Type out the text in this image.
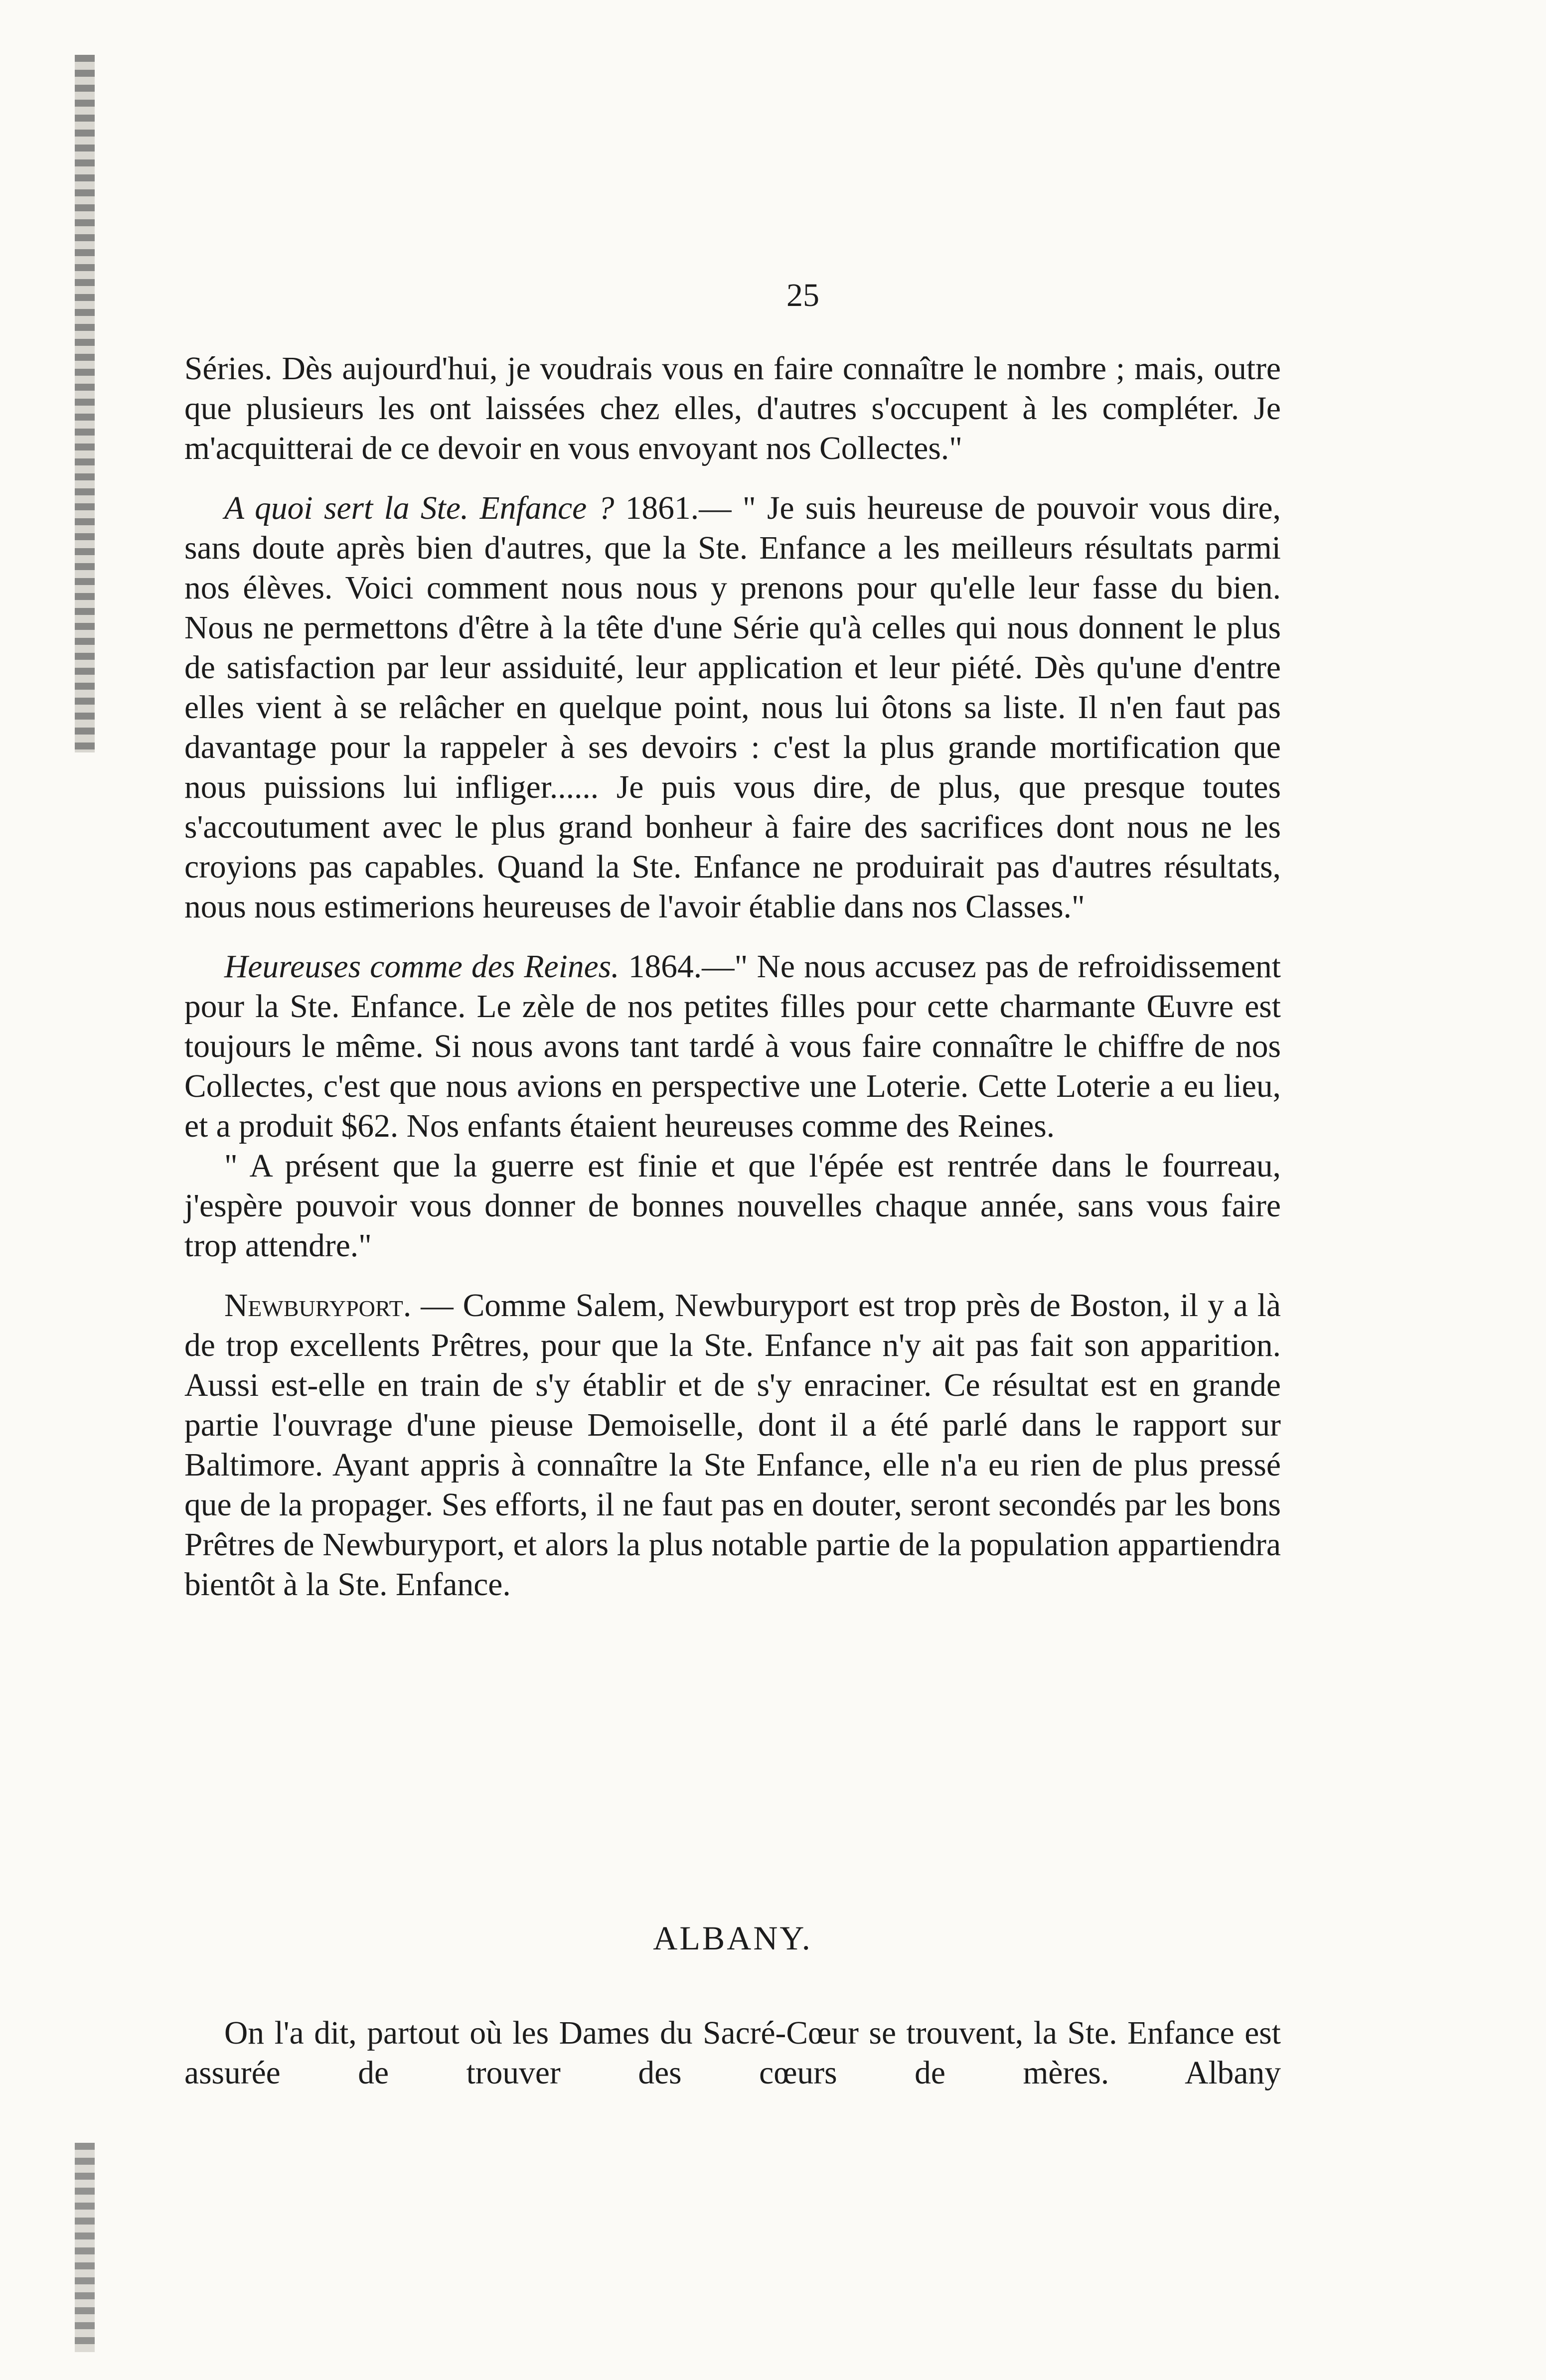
25

Séries. Dès aujourd'hui, je voudrais vous en faire connaître le nombre ; mais, outre que plusieurs les ont laissées chez elles, d'autres s'occupent à les compléter. Je m'acquitterai de ce devoir en vous envoyant nos Collectes."

A quoi sert la Ste. Enfance ? 1861.— " Je suis heureuse de pouvoir vous dire, sans doute après bien d'autres, que la Ste. Enfance a les meilleurs résultats parmi nos élèves. Voici comment nous nous y prenons pour qu'elle leur fasse du bien. Nous ne permettons d'être à la tête d'une Série qu'à celles qui nous donnent le plus de satisfaction par leur assiduité, leur application et leur piété. Dès qu'une d'entre elles vient à se relâcher en quelque point, nous lui ôtons sa liste. Il n'en faut pas davantage pour la rappeler à ses devoirs : c'est la plus grande mortification que nous puissions lui infliger...... Je puis vous dire, de plus, que presque toutes s'accoutument avec le plus grand bonheur à faire des sacrifices dont nous ne les croyions pas capables. Quand la Ste. Enfance ne produirait pas d'autres résultats, nous nous estimerions heureuses de l'avoir établie dans nos Classes."

Heureuses comme des Reines. 1864.—" Ne nous accusez pas de refroidissement pour la Ste. Enfance. Le zèle de nos petites filles pour cette charmante Œuvre est toujours le même. Si nous avons tant tardé à vous faire connaître le chiffre de nos Collectes, c'est que nous avions en perspective une Loterie. Cette Loterie a eu lieu, et a produit $62. Nos enfants étaient heureuses comme des Reines.

" A présent que la guerre est finie et que l'épée est rentrée dans le fourreau, j'espère pouvoir vous donner de bonnes nouvelles chaque année, sans vous faire trop attendre."

Newburyport. — Comme Salem, Newburyport est trop près de Boston, il y a là de trop excellents Prêtres, pour que la Ste. Enfance n'y ait pas fait son apparition. Aussi est-elle en train de s'y établir et de s'y enraciner. Ce résultat est en grande partie l'ouvrage d'une pieuse Demoiselle, dont il a été parlé dans le rapport sur Baltimore. Ayant appris à connaître la Ste Enfance, elle n'a eu rien de plus pressé que de la propager. Ses efforts, il ne faut pas en douter, seront secondés par les bons Prêtres de Newburyport, et alors la plus notable partie de la population appartiendra bientôt à la Ste. Enfance.

ALBANY.

On l'a dit, partout où les Dames du Sacré-Cœur se trouvent, la Ste. Enfance est assurée de trouver des cœurs de mères. Albany
